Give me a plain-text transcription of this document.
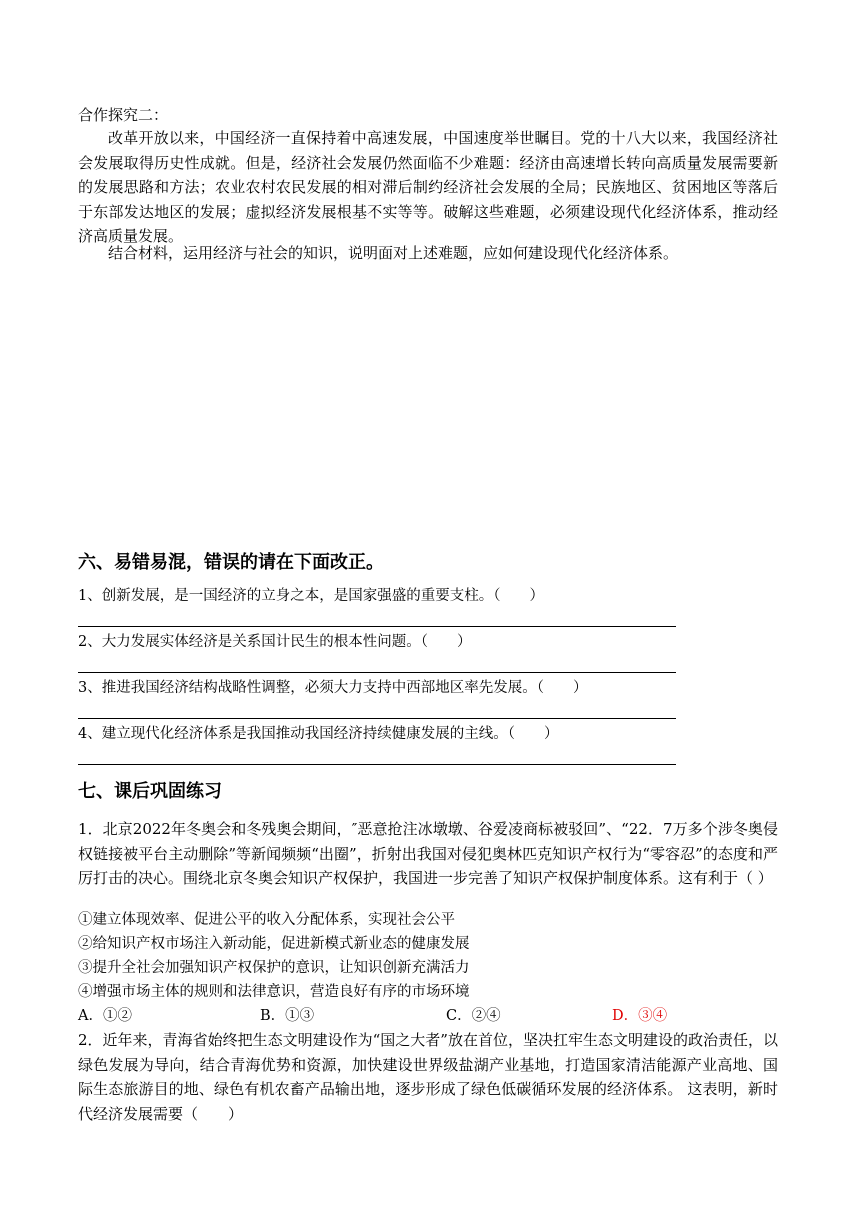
合作探究二：
改革开放以来，中国经济一直保持着中高速发展，中国速度举世瞩目。党的十八大以来，我国经济社会发展取得历史性成就。但是，经济社会发展仍然面临不少难题：经济由高速增长转向高质量发展需要新的发展思路和方法；农业农村农民发展的相对滞后制约经济社会发展的全局；民族地区、贫困地区等落后于东部发达地区的发展；虚拟经济发展根基不实等等。破解这些难题，必须建设现代化经济体系，推动经济高质量发展。
结合材料，运用经济与社会的知识，说明面对上述难题，应如何建设现代化经济体系。
六、易错易混，错误的请在下面改正。
1、创新发展，是一国经济的立身之本，是国家强盛的重要支柱。（　　）
2、大力发展实体经济是关系国计民生的根本性问题。（　　）
3、推进我国经济结构战略性调整，必须大力支持中西部地区率先发展。（　　）
4、建立现代化经济体系是我国推动我国经济持续健康发展的主线。（　　）
七、课后巩固练习
1．北京2022年冬奥会和冬残奥会期间，″恶意抢注冰墩墩、谷爱凌商标被驳回”、“22．7万多个涉冬奥侵权链接被平台主动删除”等新闻频频“出圈”，折射出我国对侵犯奥林匹克知识产权行为“零容忍”的态度和严厉打击的决心。围绕北京冬奥会知识产权保护，我国进一步完善了知识产权保护制度体系。这有利于（ ）
①建立体现效率、促进公平的收入分配体系，实现社会公平
②给知识产权市场注入新动能，促进新模式新业态的健康发展
③提升全社会加强知识产权保护的意识，让知识创新充满活力
④增强市场主体的规则和法律意识，营造良好有序的市场环境
A．①②	B．①③	C．②④	D．③④
2．近年来，青海省始终把生态文明建设作为“国之大者”放在首位，坚决扛牢生态文明建设的政治责任，以绿色发展为导向，结合青海优势和资源，加快建设世界级盐湖产业基地，打造国家清洁能源产业高地、国际生态旅游目的地、绿色有机农畜产品输出地，逐步形成了绿色低碳循环发展的经济体系。 这表明，新时代经济发展需要（　　）
